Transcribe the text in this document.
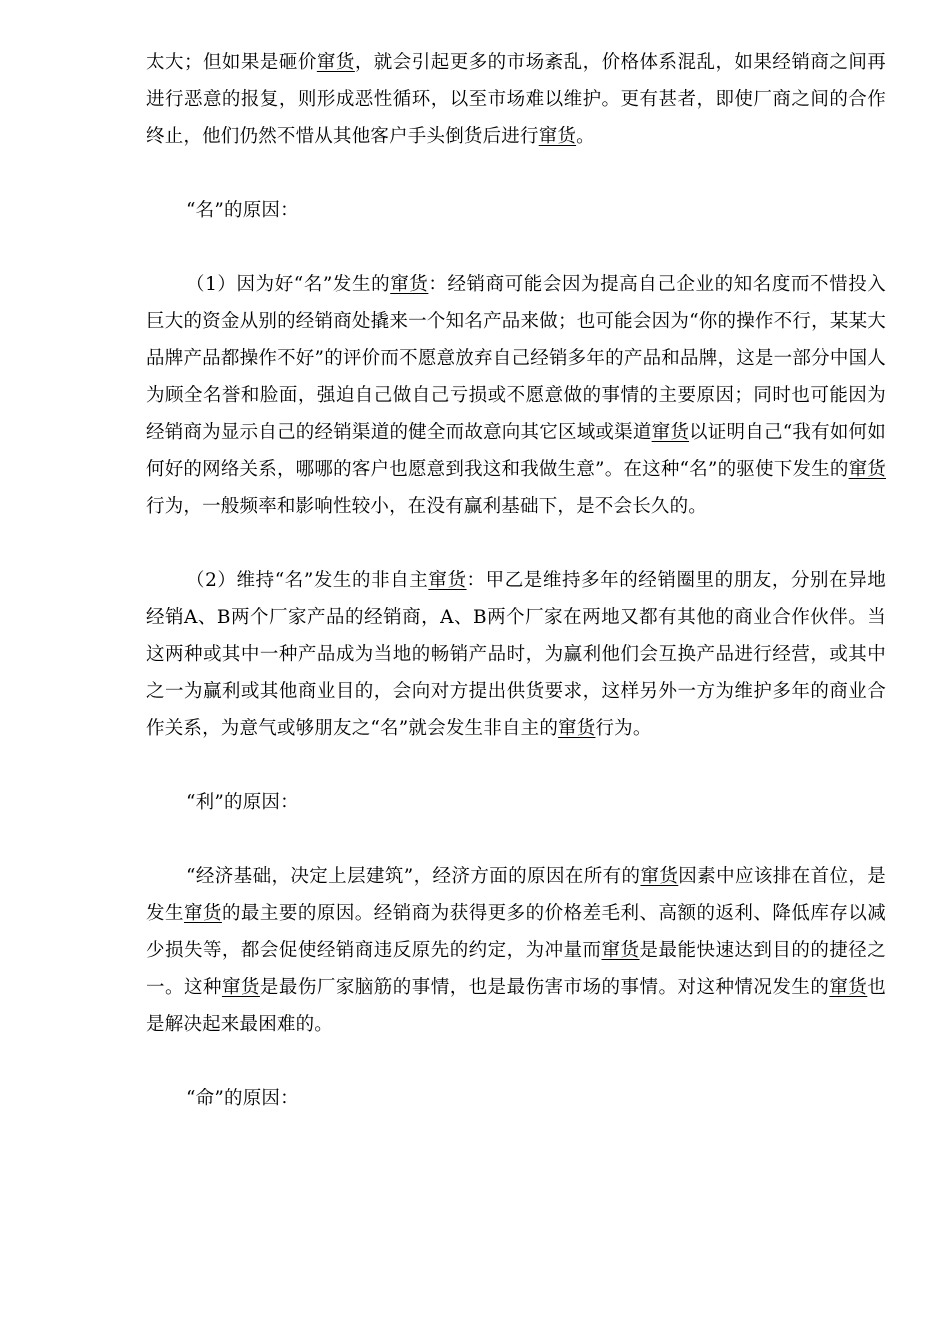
太大；但如果是砸价窜货，就会引起更多的市场紊乱，价格体系混乱，如果经销商之间再进行恶意的报复，则形成恶性循环，以至市场难以维护。更有甚者，即使厂商之间的合作终止，他们仍然不惜从其他客户手头倒货后进行窜货。

“名”的原因：

（1）因为好“名”发生的窜货：经销商可能会因为提高自己企业的知名度而不惜投入巨大的资金从别的经销商处撬来一个知名产品来做；也可能会因为“你的操作不行，某某大品牌产品都操作不好”的评价而不愿意放弃自己经销多年的产品和品牌，这是一部分中国人为顾全名誉和脸面，强迫自己做自己亏损或不愿意做的事情的主要原因；同时也可能因为经销商为显示自己的经销渠道的健全而故意向其它区域或渠道窜货以证明自己“我有如何如何好的网络关系，哪哪的客户也愿意到我这和我做生意”。在这种“名”的驱使下发生的窜货行为，一般频率和影响性较小，在没有赢利基础下，是不会长久的。

（2）维持“名”发生的非自主窜货：甲乙是维持多年的经销圈里的朋友，分别在异地经销A、B两个厂家产品的经销商，A、B两个厂家在两地又都有其他的商业合作伙伴。当这两种或其中一种产品成为当地的畅销产品时，为赢利他们会互换产品进行经营，或其中之一为赢利或其他商业目的，会向对方提出供货要求，这样另外一方为维护多年的商业合作关系，为意气或够朋友之“名”就会发生非自主的窜货行为。

“利”的原因：

“经济基础，决定上层建筑”，经济方面的原因在所有的窜货因素中应该排在首位，是发生窜货的最主要的原因。经销商为获得更多的价格差毛利、高额的返利、降低库存以减少损失等，都会促使经销商违反原先的约定，为冲量而窜货是最能快速达到目的的捷径之一。这种窜货是最伤厂家脑筋的事情，也是最伤害市场的事情。对这种情况发生的窜货也是解决起来最困难的。

“命”的原因：
